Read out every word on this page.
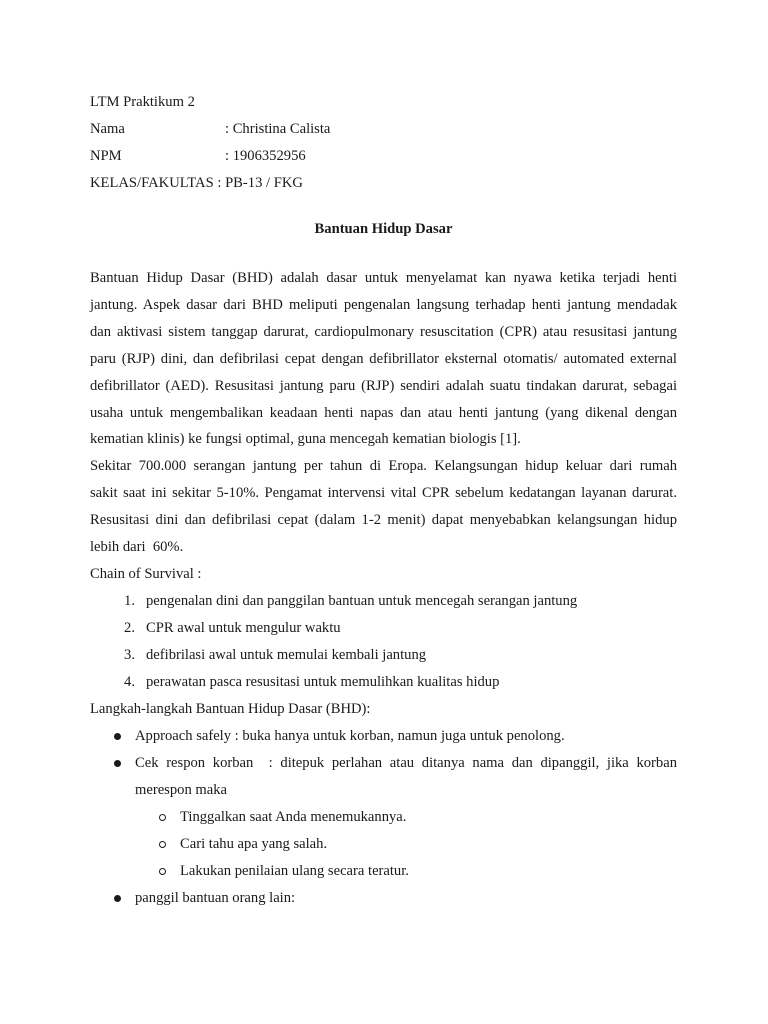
LTM Praktikum 2
Nama	: Christina Calista
NPM	: 1906352956
KELAS/FAKULTAS : PB-13 / FKG
Bantuan Hidup Dasar
Bantuan Hidup Dasar (BHD) adalah dasar untuk menyelamat kan nyawa ketika terjadi henti
jantung. Aspek dasar dari BHD meliputi pengenalan langsung terhadap henti jantung mendadak
dan aktivasi sistem tanggap darurat, cardiopulmonary resuscitation (CPR) atau resusitasi jantung
paru (RJP) dini, dan defibrilasi cepat dengan defibrillator eksternal otomatis/ automated external
defibrillator (AED). Resusitasi jantung paru (RJP) sendiri adalah suatu tindakan darurat, sebagai
usaha untuk mengembalikan keadaan henti napas dan atau henti jantung (yang dikenal dengan
kematian klinis) ke fungsi optimal, guna mencegah kematian biologis [1].
Sekitar 700.000 serangan jantung per tahun di Eropa. Kelangsungan hidup keluar dari rumah
sakit saat ini sekitar 5-10%. Pengamat intervensi vital CPR sebelum kedatangan layanan darurat.
Resusitasi dini dan defibrilasi cepat (dalam 1-2 menit) dapat menyebabkan kelangsungan hidup
lebih dari  60%.
Chain of Survival :
1. pengenalan dini dan panggilan bantuan untuk mencegah serangan jantung
2. CPR awal untuk mengulur waktu
3. defibrilasi awal untuk memulai kembali jantung
4. perawatan pasca resusitasi untuk memulihkan kualitas hidup
Langkah-langkah Bantuan Hidup Dasar (BHD):
Approach safely : buka hanya untuk korban, namun juga untuk penolong.
Cek respon korban  : ditepuk perlahan atau ditanya nama dan dipanggil, jika korban
merespon maka
Tinggalkan saat Anda menemukannya.
Cari tahu apa yang salah.
Lakukan penilaian ulang secara teratur.
panggil bantuan orang lain:
